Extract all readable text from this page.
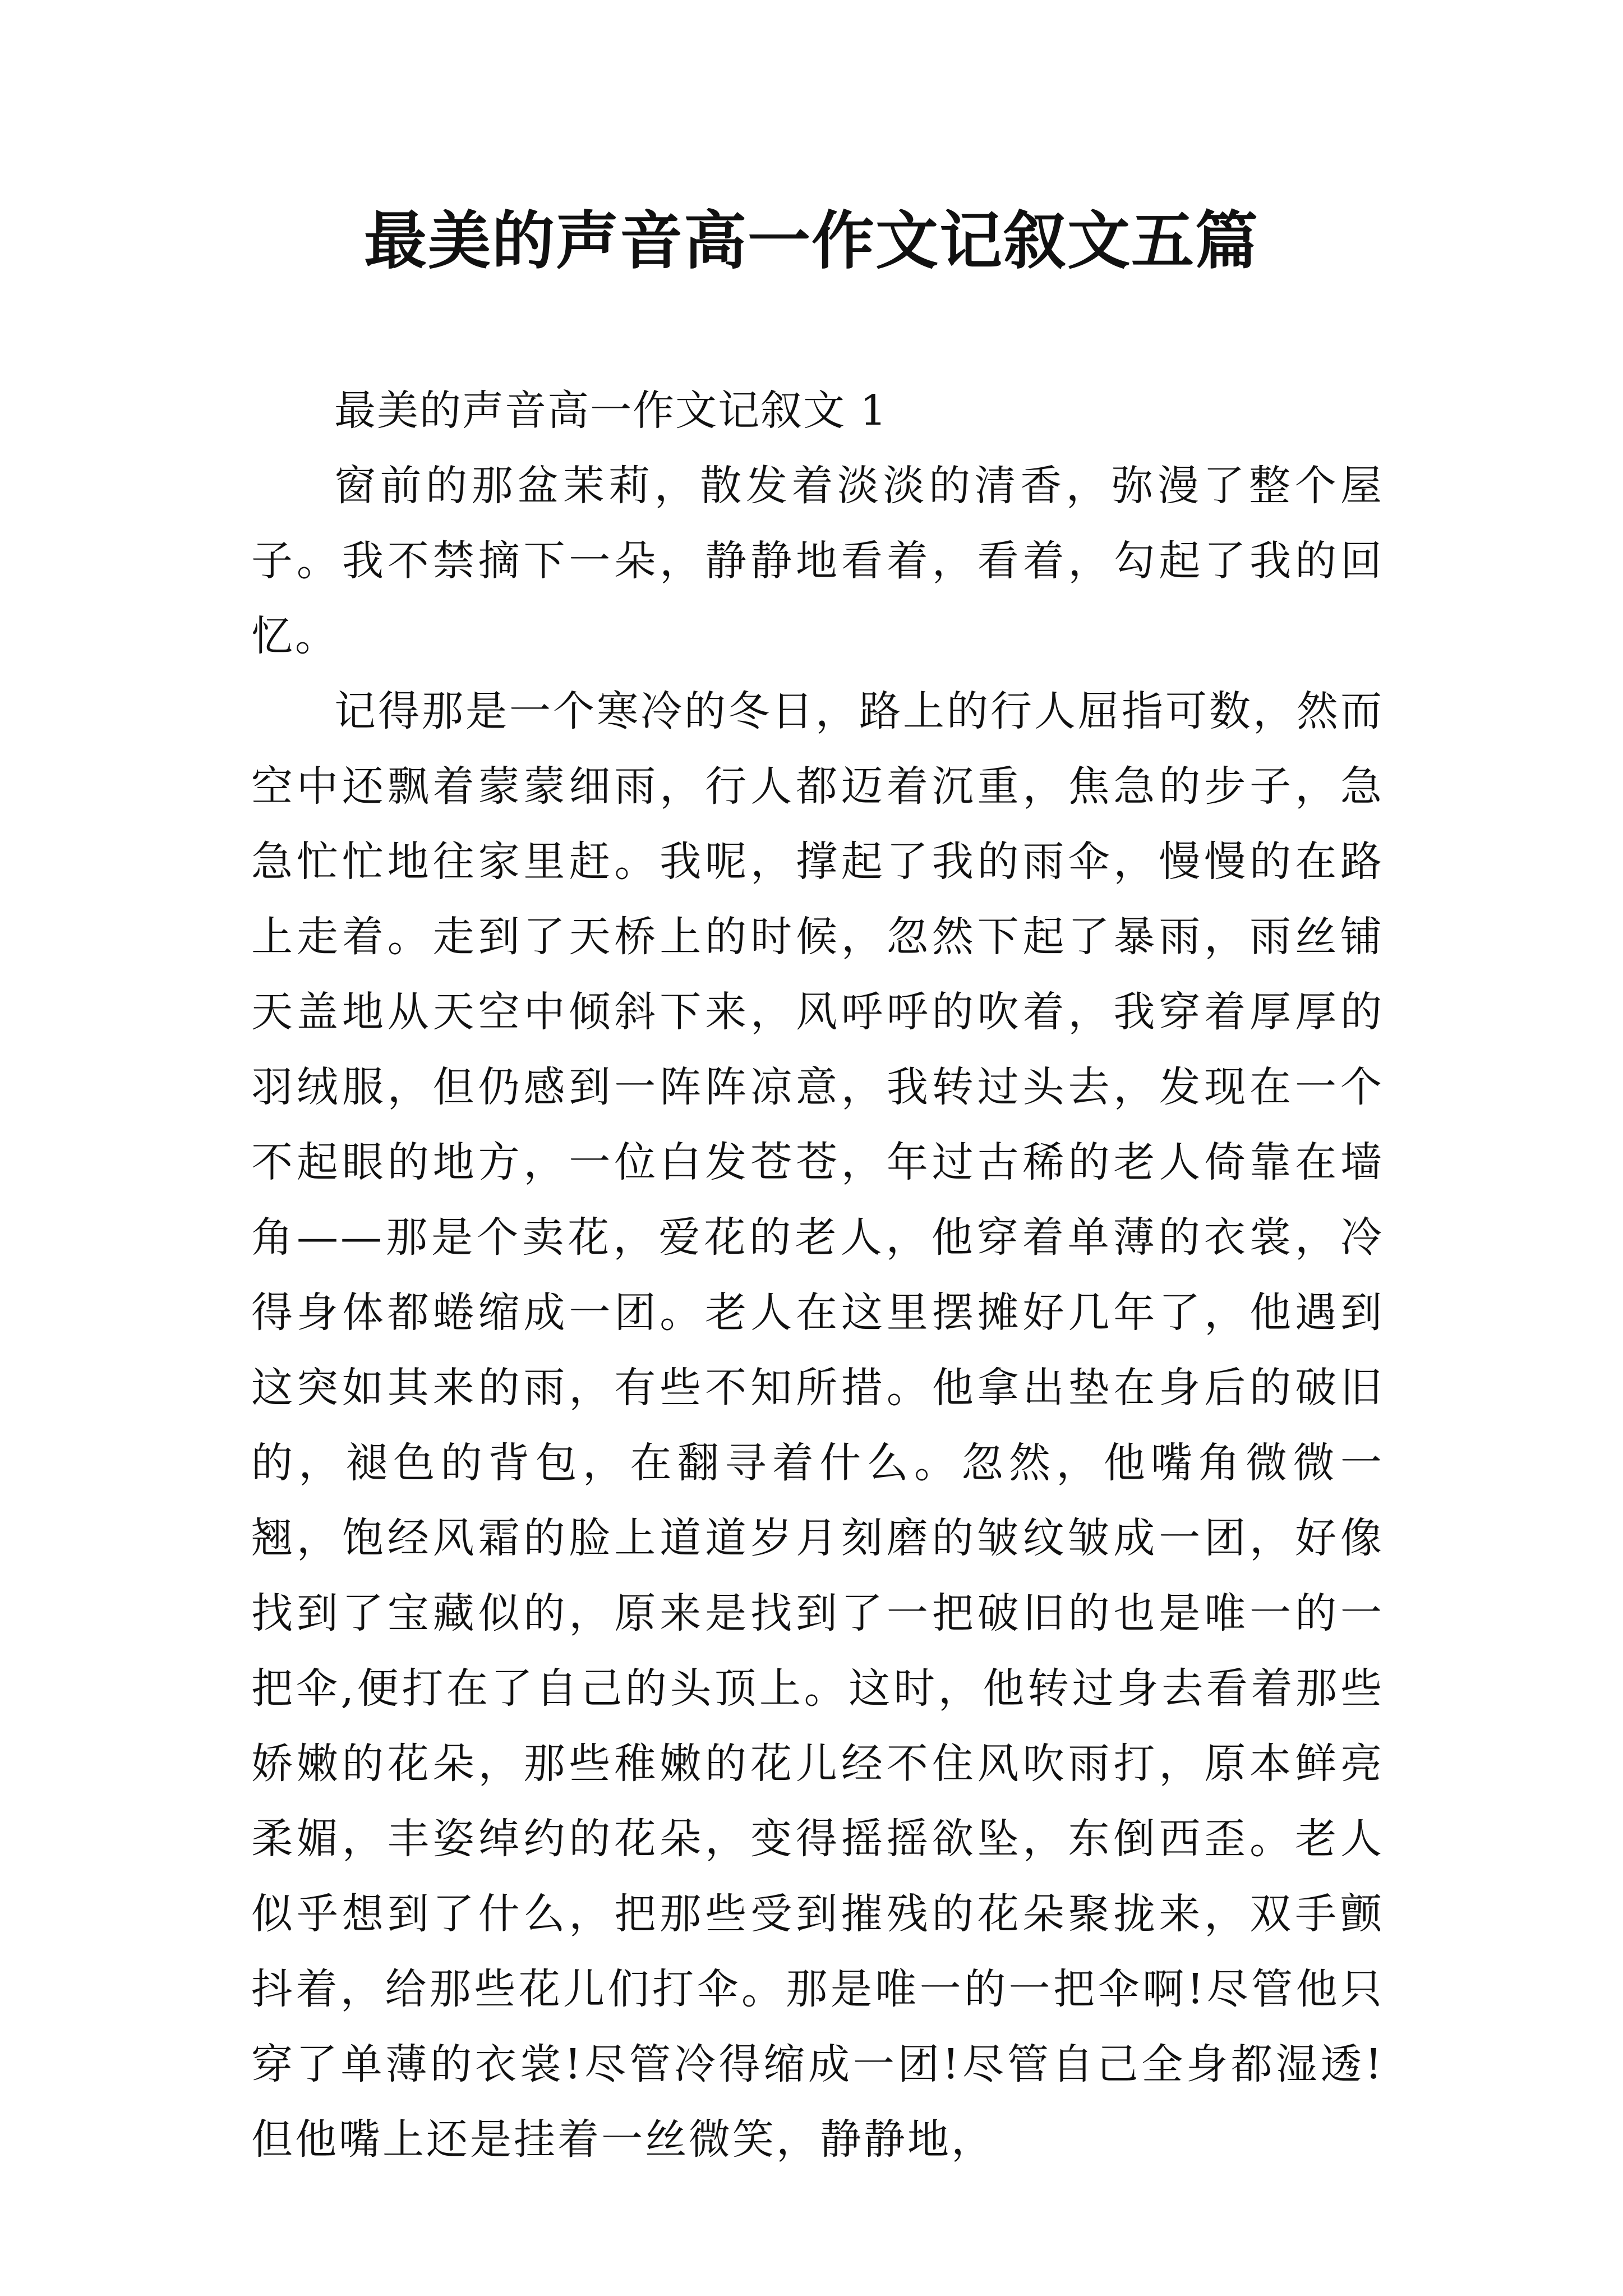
最美的声音高一作文记叙文五篇

最美的声音高一作文记叙文 1

窗前的那盆茉莉，散发着淡淡的清香，弥漫了整个屋子。我不禁摘下一朵，静静地看着，看着，勾起了我的回忆。

记得那是一个寒冷的冬日，路上的行人屈指可数，然而空中还飘着蒙蒙细雨，行人都迈着沉重，焦急的步子，急急忙忙地往家里赶。我呢，撑起了我的雨伞，慢慢的在路上走着。走到了天桥上的时候，忽然下起了暴雨，雨丝铺天盖地从天空中倾斜下来，风呼呼的吹着，我穿着厚厚的羽绒服，但仍感到一阵阵凉意，我转过头去，发现在一个不起眼的地方，一位白发苍苍，年过古稀的老人倚靠在墙角——那是个卖花，爱花的老人，他穿着单薄的衣裳，冷得身体都蜷缩成一团。老人在这里摆摊好几年了，他遇到这突如其来的雨，有些不知所措。他拿出垫在身后的破旧的，褪色的背包，在翻寻着什么。忽然，他嘴角微微一翘，饱经风霜的脸上道道岁月刻磨的皱纹皱成一团，好像找到了宝藏似的，原来是找到了一把破旧的也是唯一的一把伞,便打在了自己的头顶上。这时，他转过身去看着那些娇嫩的花朵，那些稚嫩的花儿经不住风吹雨打，原本鲜亮柔媚，丰姿绰约的花朵，变得摇摇欲坠，东倒西歪。老人似乎想到了什么，把那些受到摧残的花朵聚拢来，双手颤抖着，给那些花儿们打伞。那是唯一的一把伞啊!尽管他只穿了单薄的衣裳!尽管冷得缩成一团!尽管自己全身都湿透!但他嘴上还是挂着一丝微笑，静静地，
